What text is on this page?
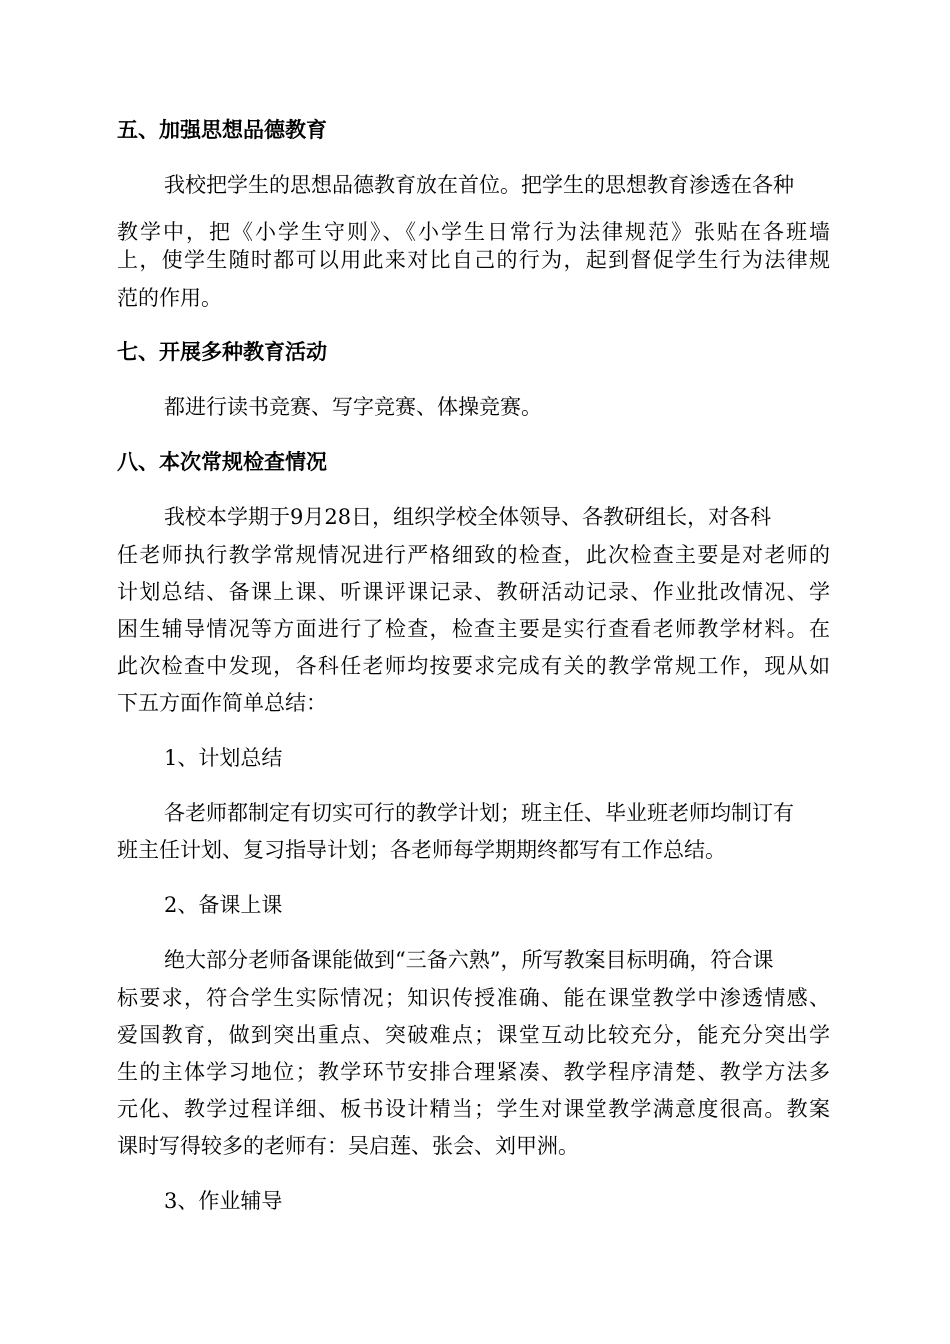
五、加强思想品德教育
我校把学生的思想品德教育放在首位。把学生的思想教育渗透在各种
教学中，把《小学生守则》、《小学生日常行为法律规范》张贴在各班墙
上，使学生随时都可以用此来对比自己的行为，起到督促学生行为法律规
范的作用。
七、开展多种教育活动
都进行读书竞赛、写字竞赛、体操竞赛。
八、本次常规检查情况
我校本学期于9月28日，组织学校全体领导、各教研组长，对各科
任老师执行教学常规情况进行严格细致的检查，此次检查主要是对老师的
计划总结、备课上课、听课评课记录、教研活动记录、作业批改情况、学
困生辅导情况等方面进行了检查，检查主要是实行查看老师教学材料。在
此次检查中发现，各科任老师均按要求完成有关的教学常规工作，现从如
下五方面作简单总结：
1、计划总结
各老师都制定有切实可行的教学计划；班主任、毕业班老师均制订有
班主任计划、复习指导计划；各老师每学期期终都写有工作总结。
2、备课上课
绝大部分老师备课能做到“三备六熟”，所写教案目标明确，符合课
标要求，符合学生实际情况；知识传授准确、能在课堂教学中渗透情感、
爱国教育，做到突出重点、突破难点；课堂互动比较充分，能充分突出学
生的主体学习地位；教学环节安排合理紧凑、教学程序清楚、教学方法多
元化、教学过程详细、板书设计精当；学生对课堂教学满意度很高。教案
课时写得较多的老师有：吴启莲、张会、刘甲洲。
3、作业辅导
